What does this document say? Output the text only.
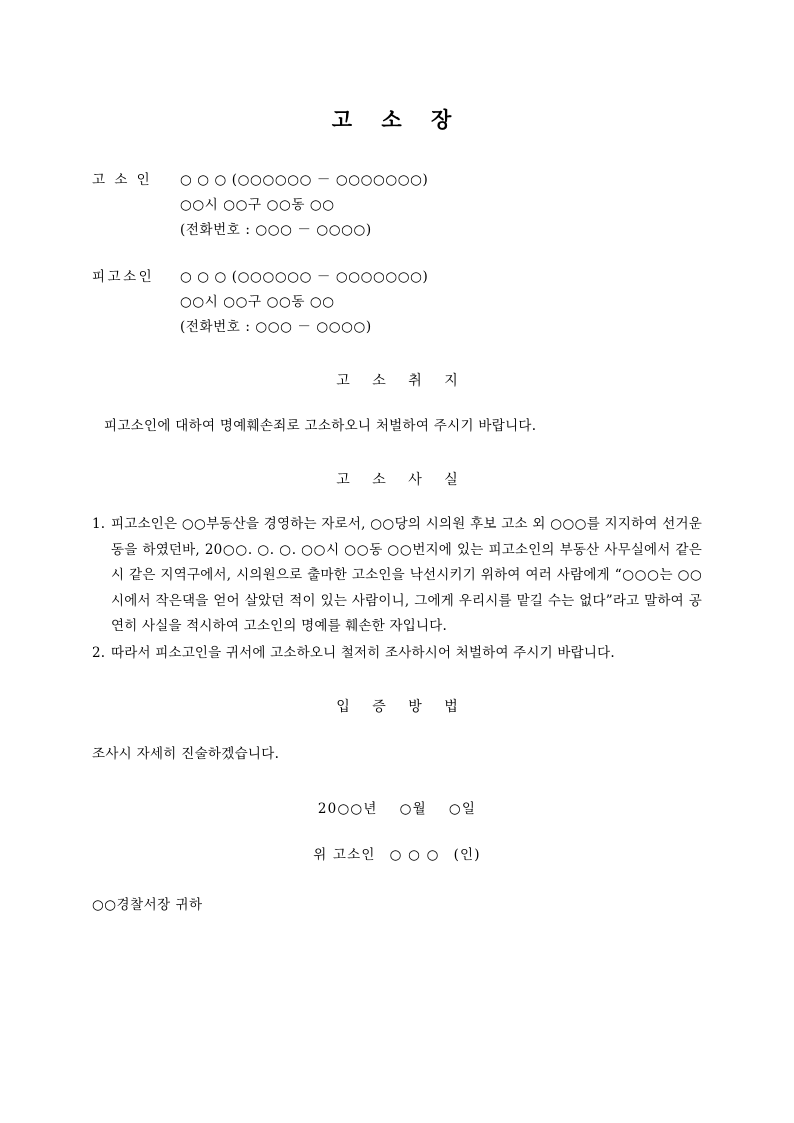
고 소 장
고 소 인	○ ○ ○ (○○○○○○ － ○○○○○○○)
○○시 ○○구 ○○동 ○○
(전화번호 : ○○○ － ○○○○)
피고소인	○ ○ ○ (○○○○○○ － ○○○○○○○)
○○시 ○○구 ○○동 ○○
(전화번호 : ○○○ － ○○○○)
고 소 취 지
피고소인에 대하여 명예훼손죄로 고소하오니 처벌하여 주시기 바랍니다.
고 소 사 실
1. 피고소인은 ○○부동산을 경영하는 자로서, ○○당의 시의원 후보 고소 외 ○○○를 지지하여 선거운동을 하였던바, 20○○. ○. ○. ○○시 ○○동 ○○번지에 있는 피고소인의 부동산 사무실에서 같은 시 같은 지역구에서, 시의원으로 출마한 고소인을 낙선시키기 위하여 여러 사람에게 “○○○는 ○○시에서 작은댁을 얻어 살았던 적이 있는 사람이니, 그에게 우리시를 맡길 수는 없다”라고 말하여 공연히 사실을 적시하여 고소인의 명예를 훼손한 자입니다.
2. 따라서 피소고인을 귀서에 고소하오니 철저히 조사하시어 처벌하여 주시기 바랍니다.
입 증 방 법
조사시 자세히 진술하겠습니다.
20○○년 ○월 ○일
위 고소인 ○ ○ ○ (인)
○○경찰서장 귀하
